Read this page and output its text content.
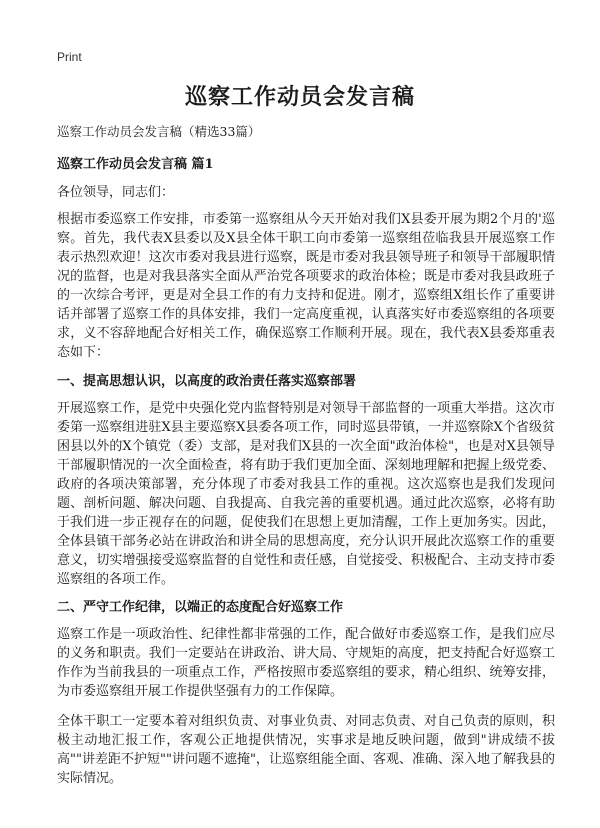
Print
巡察工作动员会发言稿
巡察工作动员会发言稿（精选33篇）
巡察工作动员会发言稿 篇1
各位领导，同志们：

根据市委巡察工作安排，市委第一巡察组从今天开始对我们X县委开展为期2个月的'巡察。首先，我代表X县委以及X县全体干职工向市委第一巡察组莅临我县开展巡察工作表示热烈欢迎！这次市委对我县进行巡察，既是市委对我县领导班子和领导干部履职情况的监督，也是对我县落实全面从严治党各项要求的政治体检；既是市委对我县政班子的一次综合考评，更是对全县工作的有力支持和促进。刚才，巡察组X组长作了重要讲话并部署了巡察工作的具体安排，我们一定高度重视，认真落实好市委巡察组的各项要求，义不容辞地配合好相关工作，确保巡察工作顺利开展。现在，我代表X县委郑重表态如下：

一、提高思想认识，以高度的政治责任落实巡察部署

开展巡察工作，是党中央强化党内监督特别是对领导干部监督的一项重大举措。这次市委第一巡察组进驻X县主要巡察X县委各项工作，同时巡县带镇，一并巡察除X个省级贫困县以外的X个镇党（委）支部，是对我们X县的一次全面"政治体检"，也是对X县领导干部履职情况的一次全面检查，将有助于我们更加全面、深刻地理解和把握上级党委、政府的各项决策部署，充分体现了市委对我县工作的重视。这次巡察也是我们发现问题、剖析问题、解决问题、自我提高、自我完善的重要机遇。通过此次巡察，必将有助于我们进一步正视存在的问题，促使我们在思想上更加清醒，工作上更加务实。因此，全体县镇干部务必站在讲政治和讲全局的思想高度，充分认识开展此次巡察工作的重要意义，切实增强接受巡察监督的自觉性和责任感，自觉接受、积极配合、主动支持市委巡察组的各项工作。

二、严守工作纪律，以端正的态度配合好巡察工作

巡察工作是一项政治性、纪律性都非常强的工作，配合做好市委巡察工作，是我们应尽的义务和职责。我们一定要站在讲政治、讲大局、守规矩的高度，把支持配合好巡察工作作为当前我县的一项重点工作，严格按照市委巡察组的要求，精心组织、统筹安排，为市委巡察组开展工作提供坚强有力的工作保障。

全体干职工一定要本着对组织负责、对事业负责、对同志负责、对自己负责的原则，积极主动地汇报工作，客观公正地提供情况，实事求是地反映问题，做到"讲成绩不拔高""讲差距不护短""讲问题不遮掩"，让巡察组能全面、客观、准确、深入地了解我县的实际情况。
